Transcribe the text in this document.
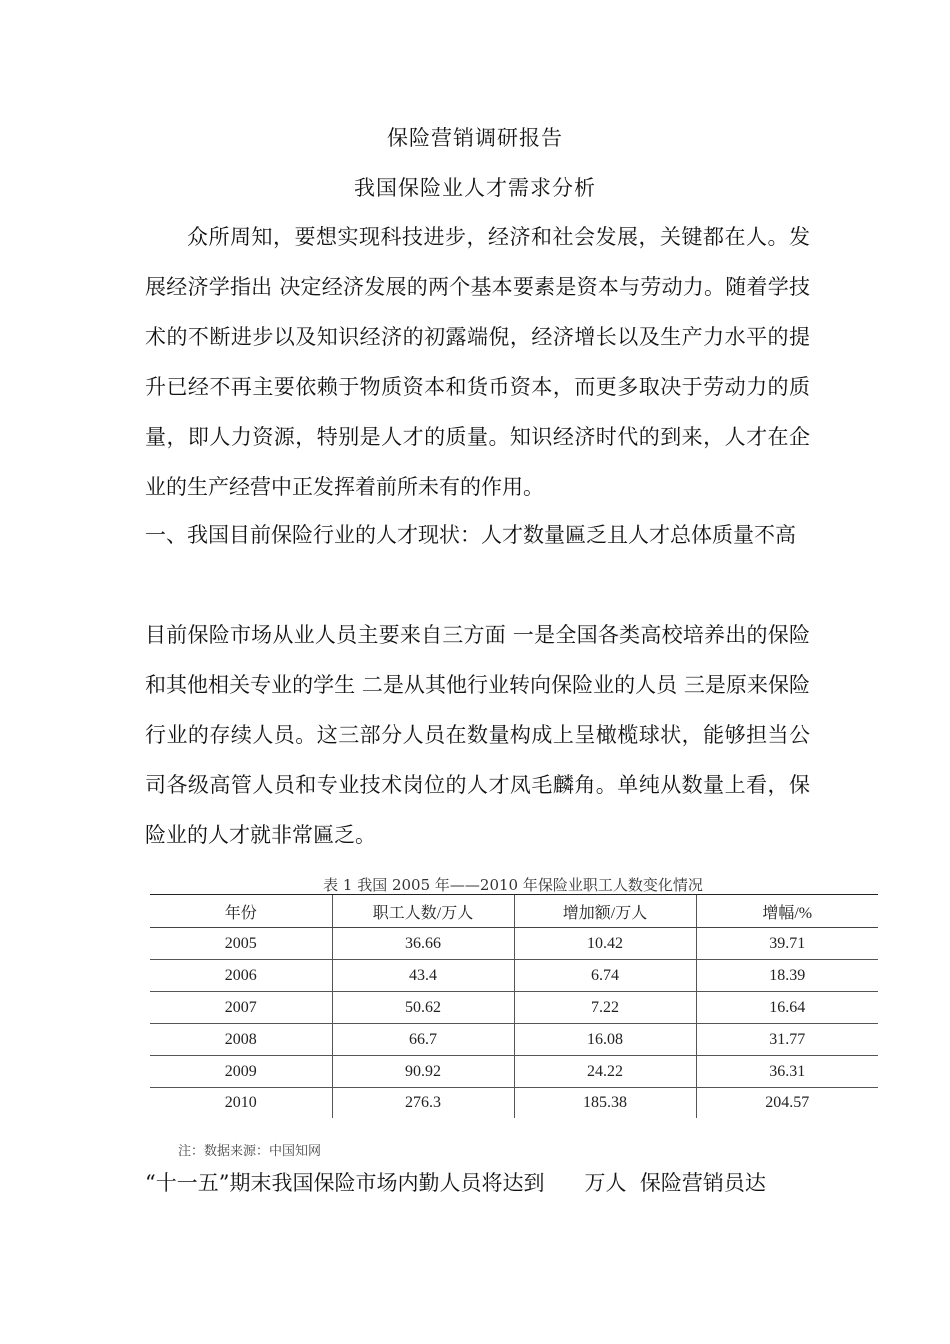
保险营销调研报告
我国保险业人才需求分析

众所周知，要想实现科技进步，经济和社会发展，关键都在人。发展经济学指出 决定经济发展的两个基本要素是资本与劳动力。随着学技术的不断进步以及知识经济的初露端倪，经济增长以及生产力水平的提升已经不再主要依赖于物质资本和货币资本，而更多取决于劳动力的质量，即人力资源，特别是人才的质量。知识经济时代的到来，人才在企业的生产经营中正发挥着前所未有的作用。

一、我国目前保险行业的人才现状：人才数量匾乏且人才总体质量不高

目前保险市场从业人员主要来自三方面 一是全国各类高校培养出的保险和其他相关专业的学生 二是从其他行业转向保险业的人员 三是原来保险行业的存续人员。这三部分人员在数量构成上呈橄榄球状，能够担当公司各级高管人员和专业技术岗位的人才凤毛麟角。单纯从数量上看，保险业的人才就非常匾乏。

表 1 我国 2005 年——2010 年保险业职工人数变化情况
年份	职工人数/万人	增加额/万人	增幅/%
2005	36.66	10.42	39.71
2006	43.4	6.74	18.39
2007	50.62	7.22	16.64
2008	66.7	16.08	31.77
2009	90.92	24.22	36.31
2010	276.3	185.38	204.57
注：数据来源：中国知网
“十一五”期末我国保险市场内勤人员将达到      万人  保险营销员达
